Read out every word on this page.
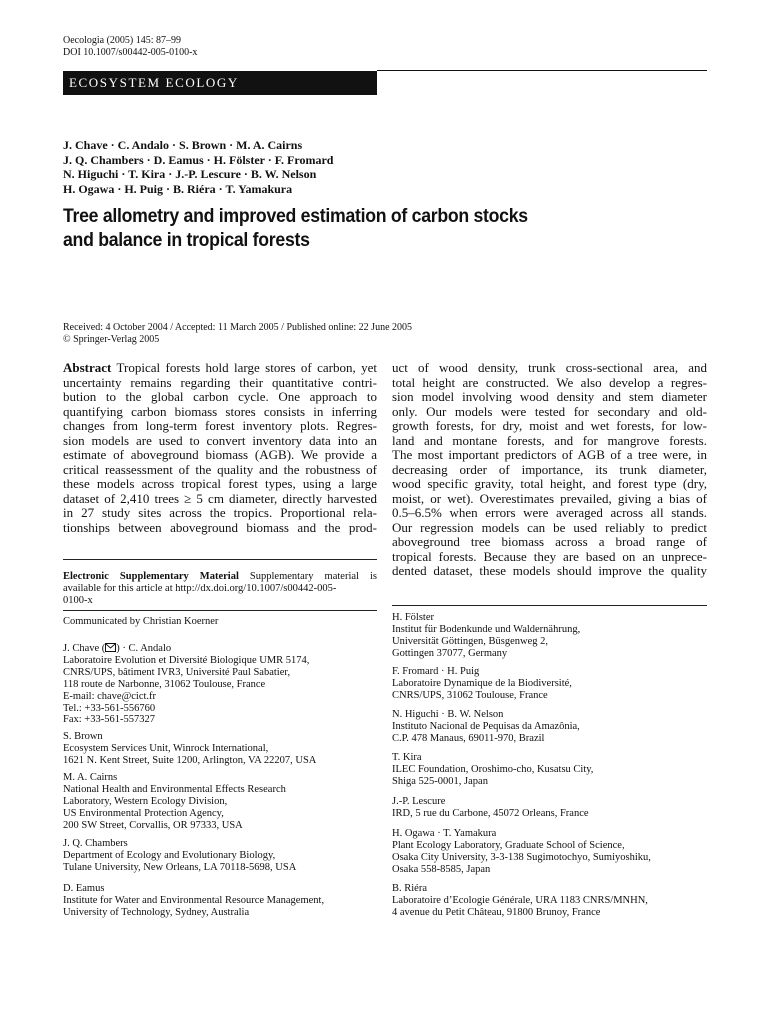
Oecologia (2005) 145: 87–99
DOI 10.1007/s00442-005-0100-x
ECOSYSTEM ECOLOGY
J. Chave · C. Andalo · S. Brown · M. A. Cairns
J. Q. Chambers · D. Eamus · H. Fölster · F. Fromard
N. Higuchi · T. Kira · J.-P. Lescure · B. W. Nelson
H. Ogawa · H. Puig · B. Riéra · T. Yamakura
Tree allometry and improved estimation of carbon stocks
and balance in tropical forests
Received: 4 October 2004 / Accepted: 11 March 2005 / Published online: 22 June 2005
© Springer-Verlag 2005
Abstract Tropical forests hold large stores of carbon, yet
uncertainty remains regarding their quantitative contri-
bution to the global carbon cycle. One approach to
quantifying carbon biomass stores consists in inferring
changes from long-term forest inventory plots. Regres-
sion models are used to convert inventory data into an
estimate of aboveground biomass (AGB). We provide a
critical reassessment of the quality and the robustness of
these models across tropical forest types, using a large
dataset of 2,410 trees ≥ 5 cm diameter, directly harvested
in 27 study sites across the tropics. Proportional rela-
tionships between aboveground biomass and the prod-
uct of wood density, trunk cross-sectional area, and
total height are constructed. We also develop a regres-
sion model involving wood density and stem diameter
only. Our models were tested for secondary and old-
growth forests, for dry, moist and wet forests, for low-
land and montane forests, and for mangrove forests.
The most important predictors of AGB of a tree were, in
decreasing order of importance, its trunk diameter,
wood specific gravity, total height, and forest type (dry,
moist, or wet). Overestimates prevailed, giving a bias of
0.5–6.5% when errors were averaged across all stands.
Our regression models can be used reliably to predict
aboveground tree biomass across a broad range of
tropical forests. Because they are based on an unprece-
dented dataset, these models should improve the quality
Electronic Supplementary Material Supplementary material is
available for this article at http://dx.doi.org/10.1007/s00442-005-
0100-x
Communicated by Christian Koerner
J. Chave ( ) · C. Andalo
Laboratoire Evolution et Diversité Biologique UMR 5174,
CNRS/UPS, bâtiment IVR3, Université Paul Sabatier,
118 route de Narbonne, 31062 Toulouse, France
E-mail: chave@cict.fr
Tel.: +33-561-556760
Fax: +33-561-557327
S. Brown
Ecosystem Services Unit, Winrock International,
1621 N. Kent Street, Suite 1200, Arlington, VA 22207, USA
M. A. Cairns
National Health and Environmental Effects Research
Laboratory, Western Ecology Division,
US Environmental Protection Agency,
200 SW Street, Corvallis, OR 97333, USA
J. Q. Chambers
Department of Ecology and Evolutionary Biology,
Tulane University, New Orleans, LA 70118-5698, USA
D. Eamus
Institute for Water and Environmental Resource Management,
University of Technology, Sydney, Australia
H. Fölster
Institut für Bodenkunde und Waldernährung,
Universität Göttingen, Büsgenweg 2,
Gottingen 37077, Germany
F. Fromard · H. Puig
Laboratoire Dynamique de la Biodiversité,
CNRS/UPS, 31062 Toulouse, France
N. Higuchi · B. W. Nelson
Instituto Nacional de Pequisas da Amazônia,
C.P. 478 Manaus, 69011-970, Brazil
T. Kira
ILEC Foundation, Oroshimo-cho, Kusatsu City,
Shiga 525-0001, Japan
J.-P. Lescure
IRD, 5 rue du Carbone, 45072 Orleans, France
H. Ogawa · T. Yamakura
Plant Ecology Laboratory, Graduate School of Science,
Osaka City University, 3-3-138 Sugimotochyo, Sumiyoshiku,
Osaka 558-8585, Japan
B. Riéra
Laboratoire d’Ecologie Générale, URA 1183 CNRS/MNHN,
4 avenue du Petit Château, 91800 Brunoy, France
